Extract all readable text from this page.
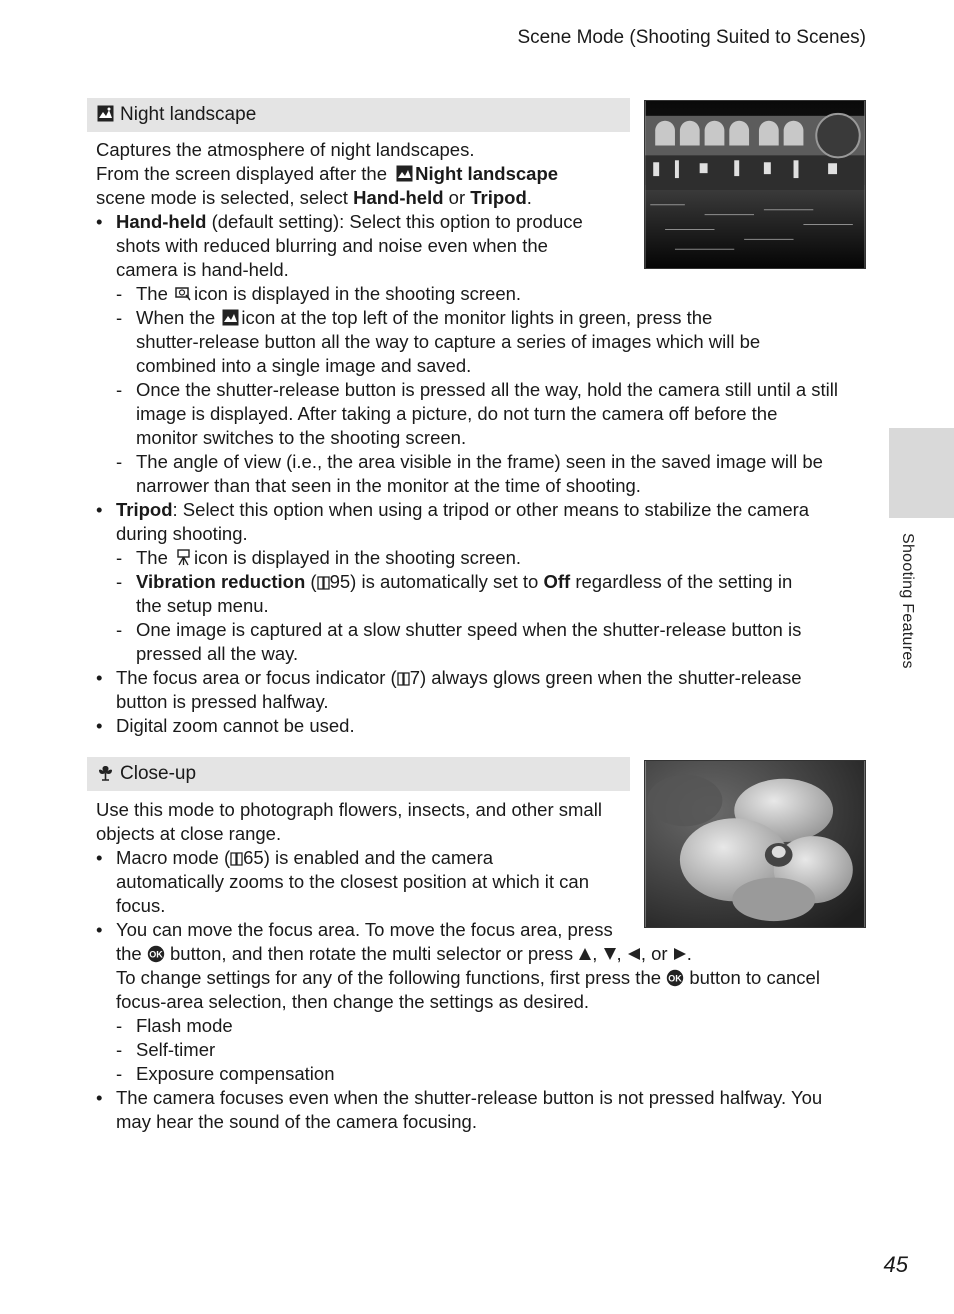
Scene Mode (Shooting Suited to Scenes)
Shooting Features
Night landscape

Captures the atmosphere of night landscapes.

From the screen displayed after the Night landscape

scene mode is selected, select Hand-held or Tripod.

• Hand-held (default setting): Select this option to produce
shots with reduced blurring and noise even when the
camera is hand-held.
- The icon is displayed in the shooting screen.
- When the icon at the top left of the monitor lights in green, press the
shutter-release button all the way to capture a series of images which will be
combined into a single image and saved.
- Once the shutter-release button is pressed all the way, hold the camera still until a still
image is displayed. After taking a picture, do not turn the camera off before the
monitor switches to the shooting screen.
- The angle of view (i.e., the area visible in the frame) seen in the saved image will be
narrower than that seen in the monitor at the time of shooting.
• Tripod: Select this option when using a tripod or other means to stabilize the camera
during shooting.
- The icon is displayed in the shooting screen.
- Vibration reduction ( 95) is automatically set to Off regardless of the setting in
the setup menu.
- One image is captured at a slow shutter speed when the shutter-release button is
pressed all the way.
• The focus area or focus indicator ( 7) always glows green when the shutter-release
button is pressed halfway.
• Digital zoom cannot be used.
Close-up

Use this mode to photograph flowers, insects, and other small

objects at close range.

• Macro mode ( 65) is enabled and the camera
automatically zooms to the closest position at which it can
focus.
• You can move the focus area. To move the focus area, press
the OK button, and then rotate the multi selector or press , , , or .

To change settings for any of the following functions, first press the OK button to cancel
focus-area selection, then change the settings as desired.

- Flash mode
- Self-timer
- Exposure compensation
• The camera focuses even when the shutter-release button is not pressed halfway. You
may hear the sound of the camera focusing.
45
